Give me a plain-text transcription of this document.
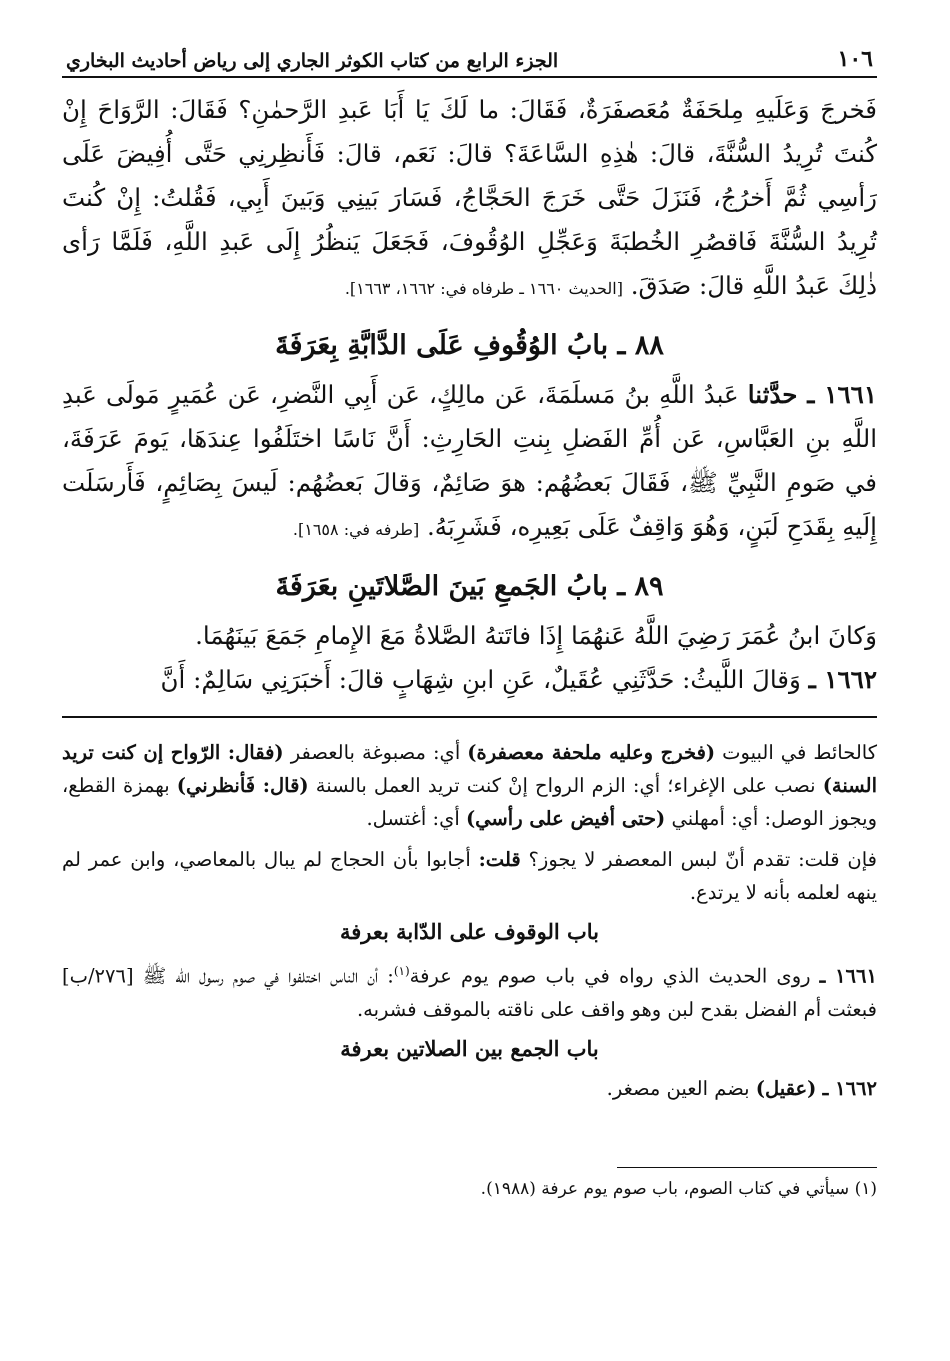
١٠٦
الجزء الرابع من كتاب الكوثر الجاري إلى رياض أحاديث البخاري

فَخرجَ وَعَلَيهِ مِلحَفَةٌ مُعَصفَرَةٌ، فَقَالَ: ما لَكَ يَا أَبَا عَبدِ الرَّحمٰنِ؟ فَقَالَ: الرَّوَاحَ إِنْ كُنتَ تُرِيدُ السُّنَّةَ، قالَ: هٰذِهِ السَّاعَةَ؟ قالَ: نَعَم، قالَ: فَأَنظِرنِي حَتَّى أُفِيضَ عَلَى رَأسِي ثُمَّ أَخرُجُ، فَنَزَلَ حَتَّى خَرَجَ الحَجَّاجُ، فَسَارَ بَينِي وَبَينَ أَبِي، فَقُلتُ: إِنْ كُنتَ تُرِيدُ السُّنَّةَ فَاقصُرِ الخُطبَةَ وَعَجِّلِ الوُقُوفَ، فَجَعَلَ يَنظُرُ إِلَى عَبدِ اللَّهِ، فَلَمَّا رَأى ذٰلِكَ عَبدُ اللَّهِ قالَ: صَدَقَ. [الحديث ١٦٦٠ ـ طرفاه في: ١٦٦٢، ١٦٦٣].

٨٨ ـ بابُ الوُقُوفِ عَلَى الدَّابَّةِ بِعَرَفَةَ

١٦٦١ ـ حدَّثنا عَبدُ اللَّهِ بنُ مَسلَمَةَ، عَن مالِكٍ، عَن أَبِي النَّضرِ، عَن عُمَيرٍ مَولَى عَبدِ اللَّهِ بنِ العَبَّاسِ، عَن أُمِّ الفَضلِ بِنتِ الحَارِثِ: أَنَّ نَاسًا اختَلَفُوا عِندَهَا، يَومَ عَرَفَةَ، في صَومِ النَّبِيِّ ﷺ، فَقَالَ بَعضُهُم: هوَ صَائِمٌ، وَقالَ بَعضُهُم: لَيسَ بِصَائِمٍ، فَأَرسَلَت إِلَيهِ بِقَدَحِ لَبَنٍ، وَهُوَ وَاقِفٌ عَلَى بَعِيرِه، فَشَرِبَهُ. [طرفه في: ١٦٥٨].

٨٩ ـ بابُ الجَمعِ بَينَ الصَّلاتَينِ بعَرَفَةَ

وَكانَ ابنُ عُمَرَ رَضِيَ اللَّهُ عَنهُمَا إِذَا فاتَتهُ الصَّلاةُ مَعَ الإِمامِ جَمَعَ بَينَهُمَا.

١٦٦٢ ـ وَقالَ اللَّيثُ: حَدَّثَنِي عُقَيلٌ، عَنِ ابنِ شِهَابٍ قالَ: أَخبَرَنِي سَالِمٌ: أَنَّ

كالحائط في البيوت (فخرج وعليه ملحفة معصفرة) أي: مصبوغة بالعصفر (فقال: الرّواح إن كنت تريد السنة) نصب على الإغراء؛ أي: الزم الرواح إنْ كنت تريد العمل بالسنة (قال: فَأنظرني) بهمزة القطع، ويجوز الوصل: أي: أمهلني (حتى أفيض على رأسي) أي: أغتسل.

فإن قلت: تقدم أنّ لبس المعصفر لا يجوز؟ قلت: أجابوا بأن الحجاج لم يبال بالمعاصي، وابن عمر لم ينهه لعلمه بأنه لا يرتدع.

باب الوقوف على الدّابة بعرفة

١٦٦١ ـ روى الحديث الذي رواه في باب صوم يوم عرفة$^{(١)}$: أن الناس اختلفوا في صوم رسول الله ﷺ [٢٧٦/ب] فبعثت أم الفضل بقدح لبن وهو واقف على ناقته بالموقف فشربه.

باب الجمع بين الصلاتين بعرفة

١٦٦٢ ـ (عقيل) بضم العين مصغر.

(١) سيأتي في كتاب الصوم، باب صوم يوم عرفة (١٩٨٨).
